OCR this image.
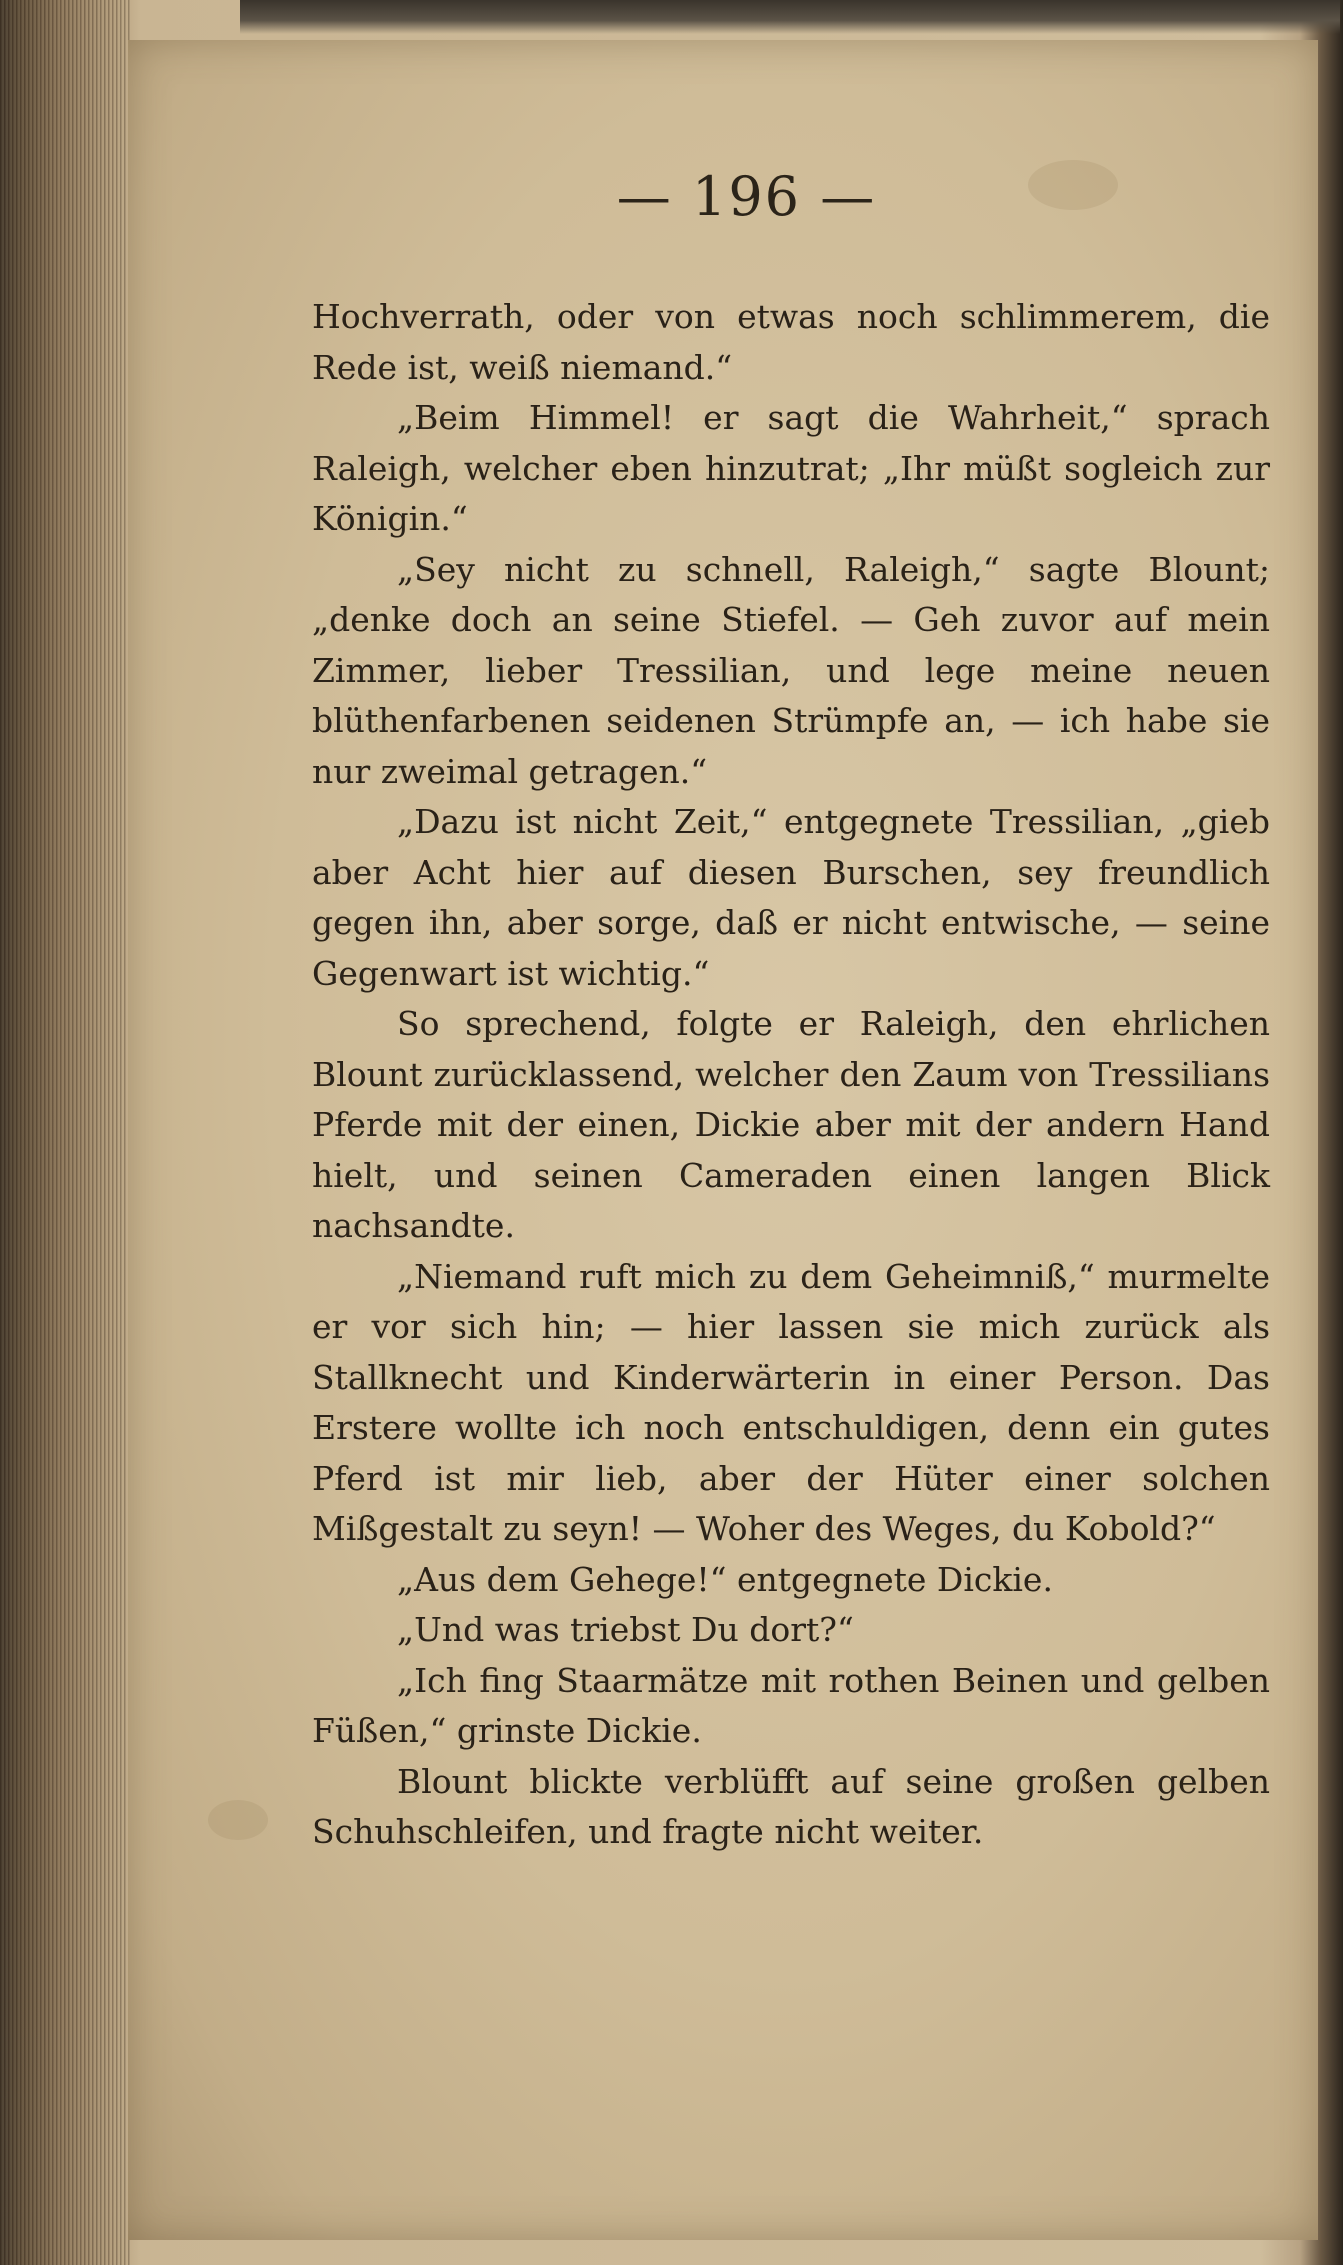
— 196 —

Hochverrath, oder von etwas noch schlimmerem, die Rede ist, weiß niemand.“

„Beim Himmel! er sagt die Wahrheit,“ sprach Raleigh, welcher eben hinzutrat; „Ihr müßt sogleich zur Königin.“

„Sey nicht zu schnell, Raleigh,“ sagte Blount; „denke doch an seine Stiefel. — Geh zuvor auf mein Zimmer, lieber Tressilian, und lege meine neuen blüthenfarbenen seidenen Strümpfe an, — ich habe sie nur zweimal getragen.“

„Dazu ist nicht Zeit,“ entgegnete Tressilian, „gieb aber Acht hier auf diesen Burschen, sey freundlich gegen ihn, aber sorge, daß er nicht entwische, — seine Gegenwart ist wichtig.“

So sprechend, folgte er Raleigh, den ehrlichen Blount zurücklassend, welcher den Zaum von Tressilians Pferde mit der einen, Dickie aber mit der andern Hand hielt, und seinen Cameraden einen langen Blick nachsandte.

„Niemand ruft mich zu dem Geheimniß,“ murmelte er vor sich hin; — hier lassen sie mich zurück als Stallknecht und Kinderwärterin in einer Person. Das Erstere wollte ich noch entschuldigen, denn ein gutes Pferd ist mir lieb, aber der Hüter einer solchen Mißgestalt zu seyn! — Woher des Weges, du Kobold?“

„Aus dem Gehege!“ entgegnete Dickie.

„Und was triebst Du dort?“

„Ich fing Staarmätze mit rothen Beinen und gelben Füßen,“ grinste Dickie.

Blount blickte verblüfft auf seine großen gelben Schuhschleifen, und fragte nicht weiter.
